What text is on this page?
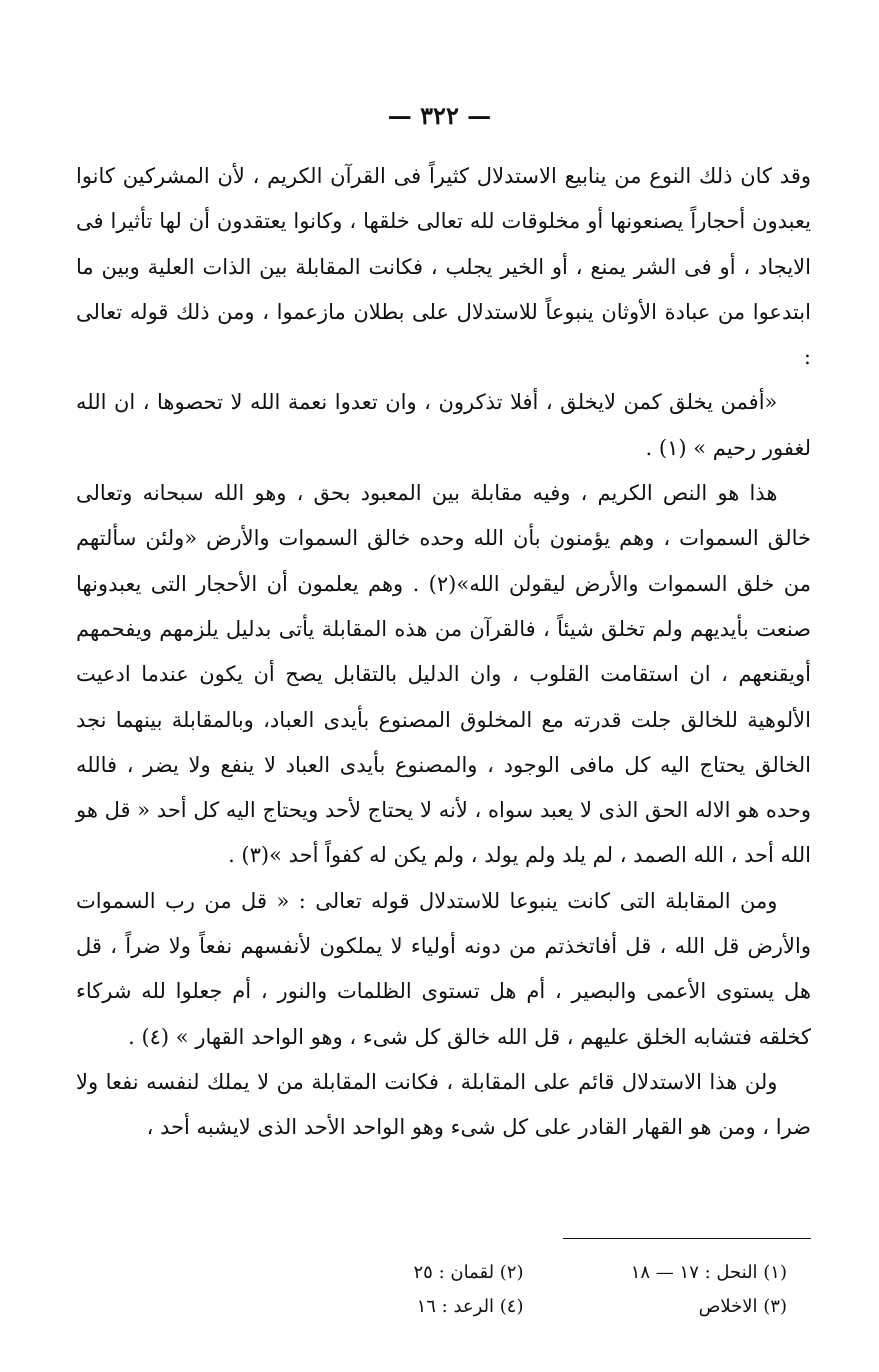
— ٣٢٢ —

وقد كان ذلك النوع من ينابيع الاستدلال كثيراً فى القرآن الكريم ، لأن المشركين كانوا يعبدون أحجاراً يصنعونها أو مخلوقات لله تعالى خلقها ، وكانوا يعتقدون أن لها تأثيرا فى الايجاد ، أو فى الشر يمنع ، أو الخير يجلب ، فكانت المقابلة بين الذات العلية وبين ما ابتدعوا من عبادة الأوثان ينبوعاً للاستدلال على بطلان مازعموا ، ومن ذلك قوله تعالى :

«أفمن يخلق كمن لايخلق ، أفلا تذكرون ، وان تعدوا نعمة الله لا تحصوها ، ان الله لغفور رحيم » (١) .

هذا هو النص الكريم ، وفيه مقابلة بين المعبود بحق ، وهو الله سبحانه وتعالى خالق السموات ، وهم يؤمنون بأن الله وحده خالق السموات والأرض «ولئن سألتهم من خلق السموات والأرض ليقولن الله»(٢) . وهم يعلمون أن الأحجار التى يعبدونها صنعت بأيديهم ولم تخلق شيئاً ، فالقرآن من هذه المقابلة يأتى بدليل يلزمهم ويفحمهم أويقنعهم ، ان استقامت القلوب ، وان الدليل بالتقابل يصح أن يكون عندما ادعيت الألوهية للخالق جلت قدرته مع المخلوق المصنوع بأيدى العباد، وبالمقابلة بينهما نجد الخالق يحتاج اليه كل مافى الوجود ، والمصنوع بأيدى العباد لا ينفع ولا يضر ، فالله وحده هو الاله الحق الذى لا يعبد سواه ، لأنه لا يحتاج لأحد ويحتاج اليه كل أحد « قل هو الله أحد ، الله الصمد ، لم يلد ولم يولد ، ولم يكن له كفواً أحد »(٣) .

ومن المقابلة التى كانت ينبوعا للاستدلال قوله تعالى : « قل من رب السموات والأرض قل الله ، قل أفاتخذتم من دونه أولياء لا يملكون لأنفسهم نفعاً ولا ضراً ، قل هل يستوى الأعمى والبصير ، أم هل تستوى الظلمات والنور ، أم جعلوا لله شركاء كخلقه فتشابه الخلق عليهم ، قل الله خالق كل شىء ، وهو الواحد القهار » (٤) .

ولن هذا الاستدلال قائم على المقابلة ، فكانت المقابلة من لا يملك لنفسه نفعا ولا ضرا ، ومن هو القهار القادر على كل شىء وهو الواحد الأحد الذى لايشبه أحد ،

(١) النحل : ١٧ — ١٨
(٢) لقمان : ٢٥
(٣) الاخلاص
(٤) الرعد : ١٦
